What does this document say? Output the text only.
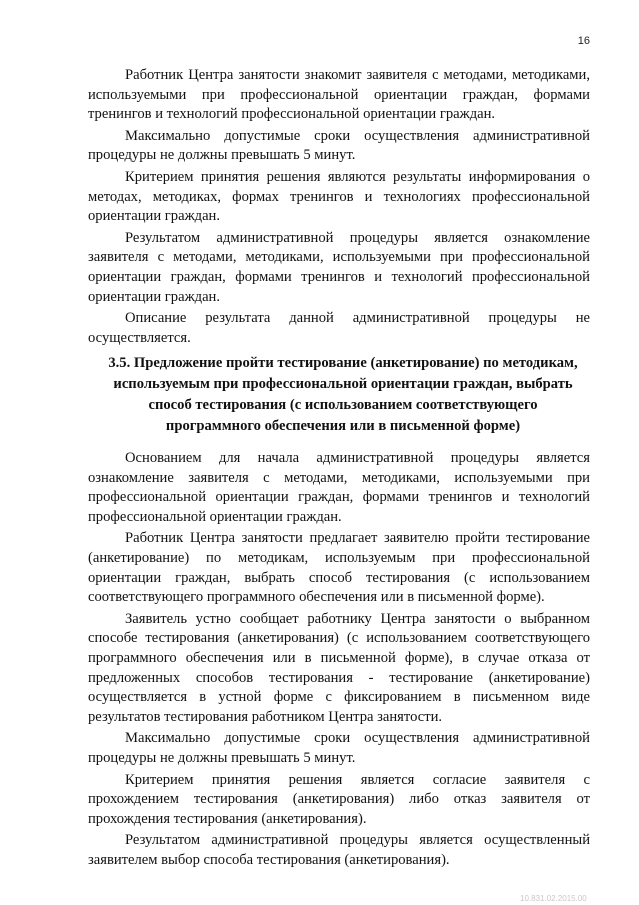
16

Работник Центра занятости знакомит заявителя с методами, методиками, используемыми при профессиональной ориентации граждан, формами тренингов и технологий профессиональной ориентации граждан.

Максимально допустимые сроки осуществления административной процедуры не должны превышать 5 минут.

Критерием принятия решения являются результаты информирования о методах, методиках, формах тренингов и технологиях профессиональной ориентации граждан.

Результатом административной процедуры является ознакомление заявителя с методами, методиками, используемыми при профессиональной ориентации граждан, формами тренингов и технологий профессиональной ориентации граждан.

Описание результата данной административной процедуры не осуществляется.

3.5. Предложение пройти тестирование (анкетирование) по методикам, используемым при профессиональной ориентации граждан, выбрать способ тестирования (с использованием соответствующего программного обеспечения или в письменной форме)

Основанием для начала административной процедуры является ознакомление заявителя с методами, методиками, используемыми при профессиональной ориентации граждан, формами тренингов и технологий профессиональной ориентации граждан.

Работник Центра занятости предлагает заявителю пройти тестирование (анкетирование) по методикам, используемым при профессиональной ориентации граждан, выбрать способ тестирования (с использованием соответствующего программного обеспечения или в письменной форме).

Заявитель устно сообщает работнику Центра занятости о выбранном способе тестирования (анкетирования) (с использованием соответствующего программного обеспечения или в письменной форме), в случае отказа от предложенных способов тестирования - тестирование (анкетирование) осуществляется в устной форме с фиксированием в письменном виде результатов тестирования работником Центра занятости.

Максимально допустимые сроки осуществления административной процедуры не должны превышать 5 минут.

Критерием принятия решения является согласие заявителя с прохождением тестирования (анкетирования) либо отказ заявителя от прохождения тестирования (анкетирования).

Результатом административной процедуры является осуществленный заявителем выбор способа тестирования (анкетирования).

10.831.02.2015.00
